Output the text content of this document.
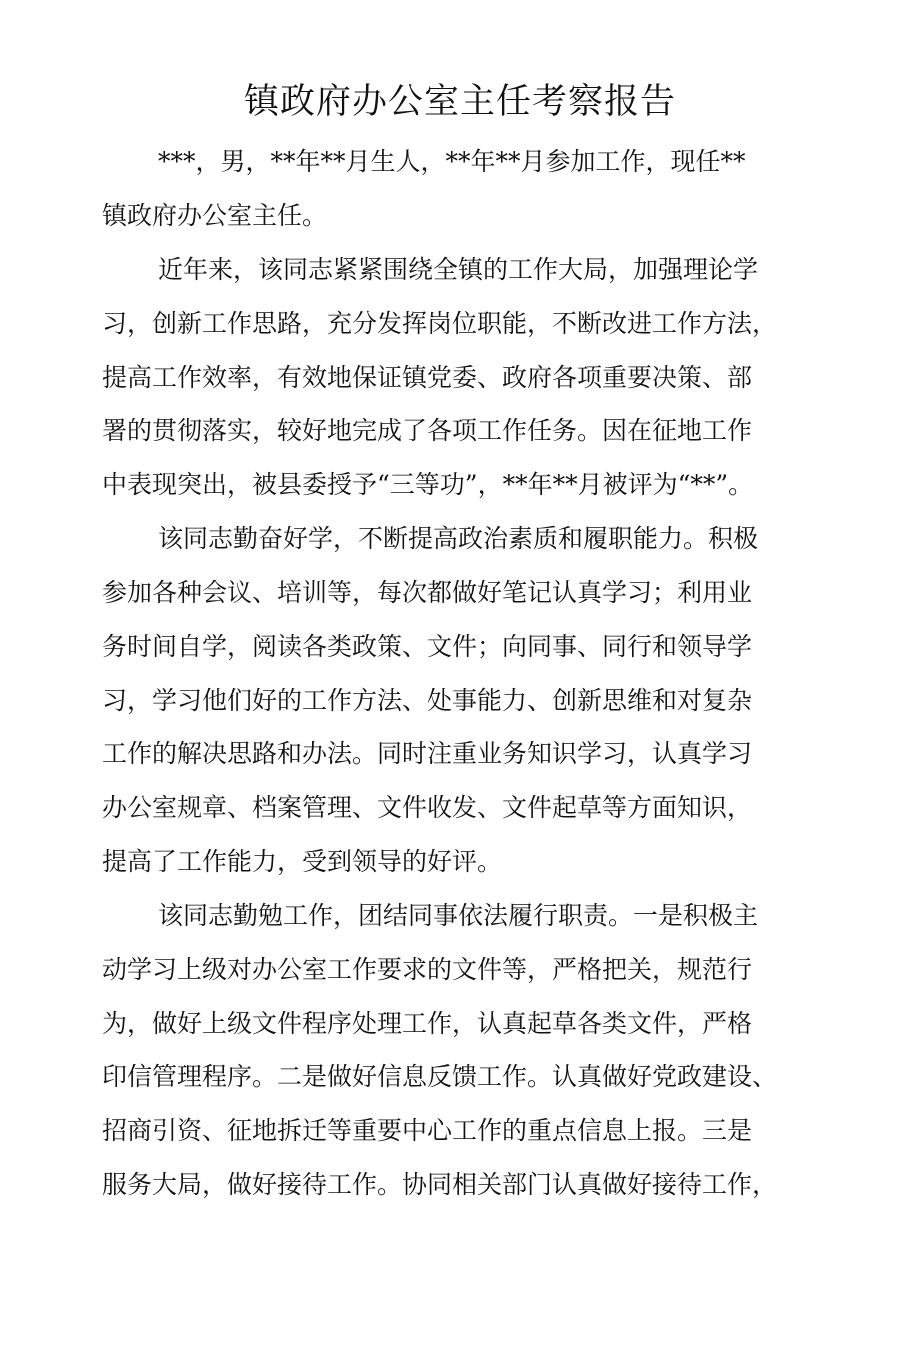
镇政府办公室主任考察报告
***，男，**年**月生人，**年**月参加工作，现任**
镇政府办公室主任。
近年来，该同志紧紧围绕全镇的工作大局，加强理论学
习，创新工作思路，充分发挥岗位职能，不断改进工作方法，
提高工作效率，有效地保证镇党委、政府各项重要决策、部
署的贯彻落实，较好地完成了各项工作任务。因在征地工作
中表现突出，被县委授予“三等功”，**年**月被评为“**”。
该同志勤奋好学，不断提高政治素质和履职能力。积极
参加各种会议、培训等，每次都做好笔记认真学习；利用业
务时间自学，阅读各类政策、文件；向同事、同行和领导学
习，学习他们好的工作方法、处事能力、创新思维和对复杂
工作的解决思路和办法。同时注重业务知识学习，认真学习
办公室规章、档案管理、文件收发、文件起草等方面知识，
提高了工作能力，受到领导的好评。
该同志勤勉工作，团结同事依法履行职责。一是积极主
动学习上级对办公室工作要求的文件等，严格把关，规范行
为，做好上级文件程序处理工作，认真起草各类文件，严格
印信管理程序。二是做好信息反馈工作。认真做好党政建设、
招商引资、征地拆迁等重要中心工作的重点信息上报。三是
服务大局，做好接待工作。协同相关部门认真做好接待工作，
